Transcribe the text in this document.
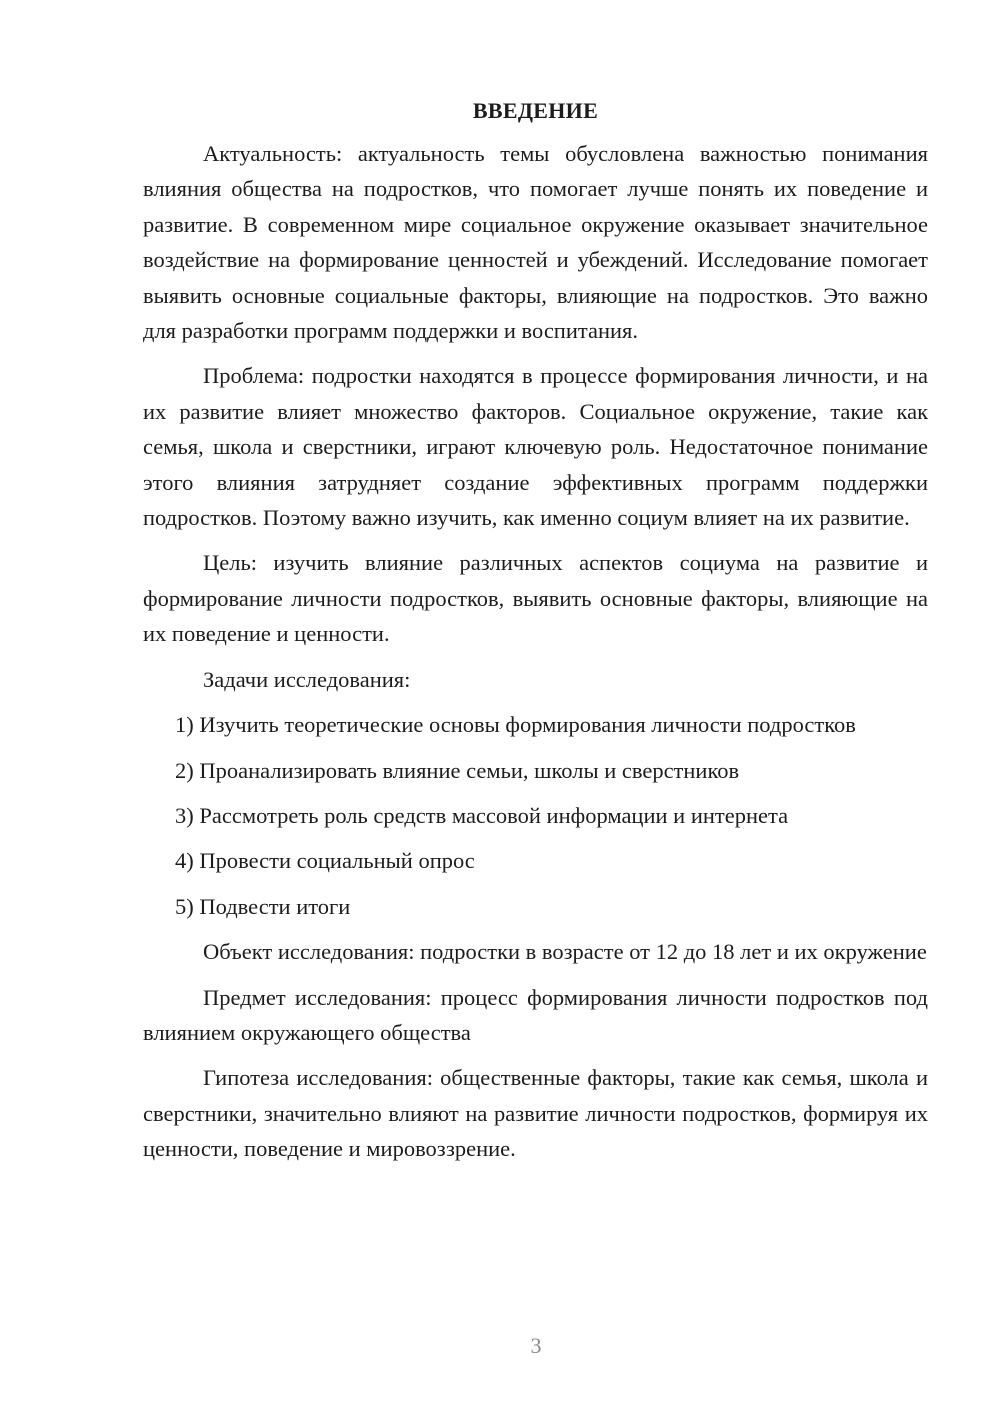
ВВЕДЕНИЕ

Актуальность: актуальность темы обусловлена важностью понимания влияния общества на подростков, что помогает лучше понять их поведение и развитие. В современном мире социальное окружение оказывает значительное воздействие на формирование ценностей и убеждений. Исследование помогает выявить основные социальные факторы, влияющие на подростков. Это важно для разработки программ поддержки и воспитания.

Проблема: подростки находятся в процессе формирования личности, и на их развитие влияет множество факторов. Социальное окружение, такие как семья, школа и сверстники, играют ключевую роль. Недостаточное понимание этого влияния затрудняет создание эффективных программ поддержки подростков. Поэтому важно изучить, как именно социум влияет на их развитие.

Цель: изучить влияние различных аспектов социума на развитие и формирование личности подростков, выявить основные факторы, влияющие на их поведение и ценности.

Задачи исследования:

1) Изучить теоретические основы формирования личности подростков

2) Проанализировать влияние семьи, школы и сверстников

3) Рассмотреть роль средств массовой информации и интернета

4) Провести социальный опрос

5) Подвести итоги

Объект исследования: подростки в возрасте от 12 до 18 лет и их окружение

Предмет исследования: процесс формирования личности подростков под влиянием окружающего общества

Гипотеза исследования: общественные факторы, такие как семья, школа и сверстники, значительно влияют на развитие личности подростков, формируя их ценности, поведение и мировоззрение.

3
